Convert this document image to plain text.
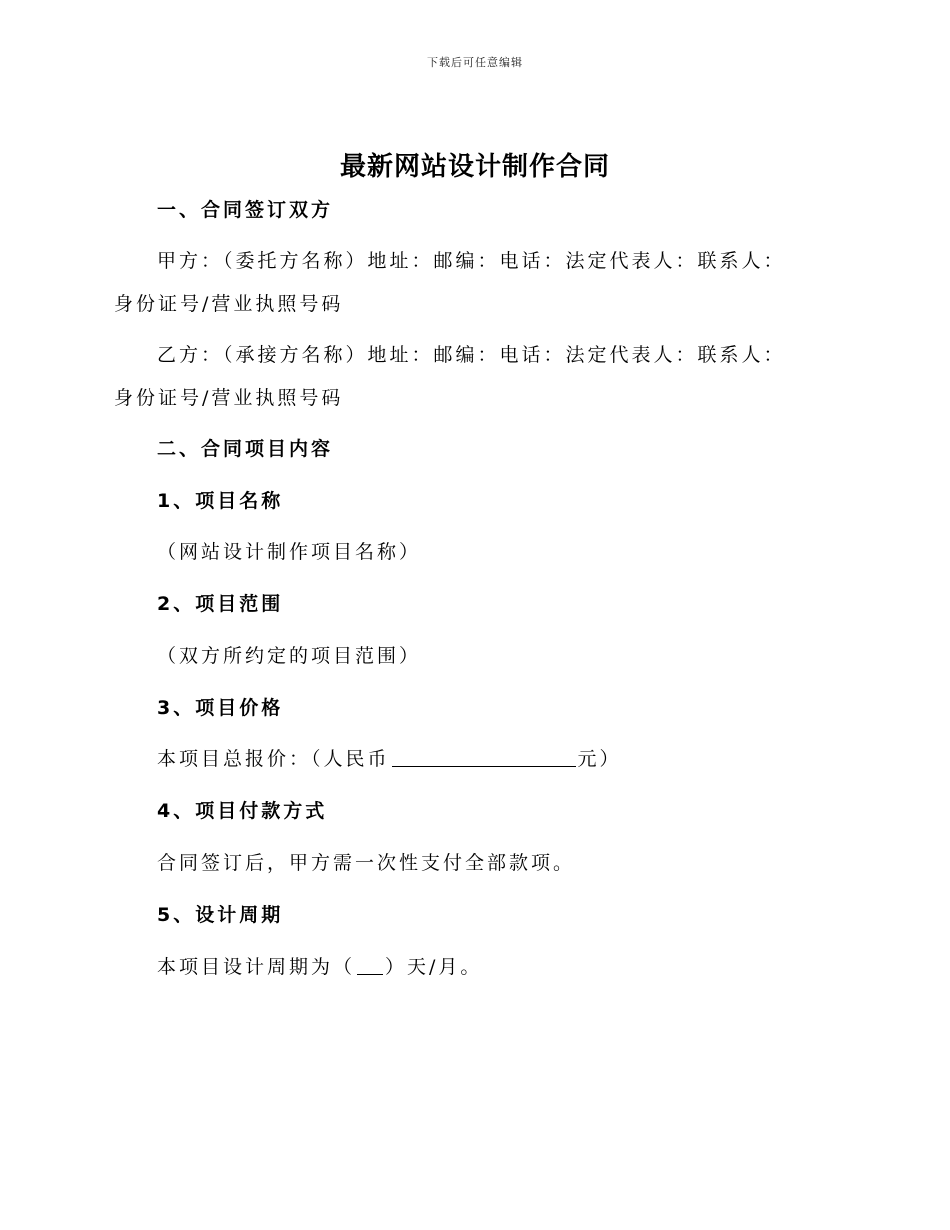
下载后可任意编辑
最新网站设计制作合同
一、合同签订双方
甲方：（委托方名称）地址：邮编：电话：法定代表人：联系人：
身份证号/营业执照号码
乙方：（承接方名称）地址：邮编：电话：法定代表人：联系人：
身份证号/营业执照号码
二、合同项目内容
1、项目名称
（网站设计制作项目名称）
2、项目范围
（双方所约定的项目范围）
3、项目价格
本项目总报价：（人民币	元）
4、项目付款方式
合同签订后，甲方需一次性支付全部款项。
5、设计周期
本项目设计周期为（ ）天/月。
